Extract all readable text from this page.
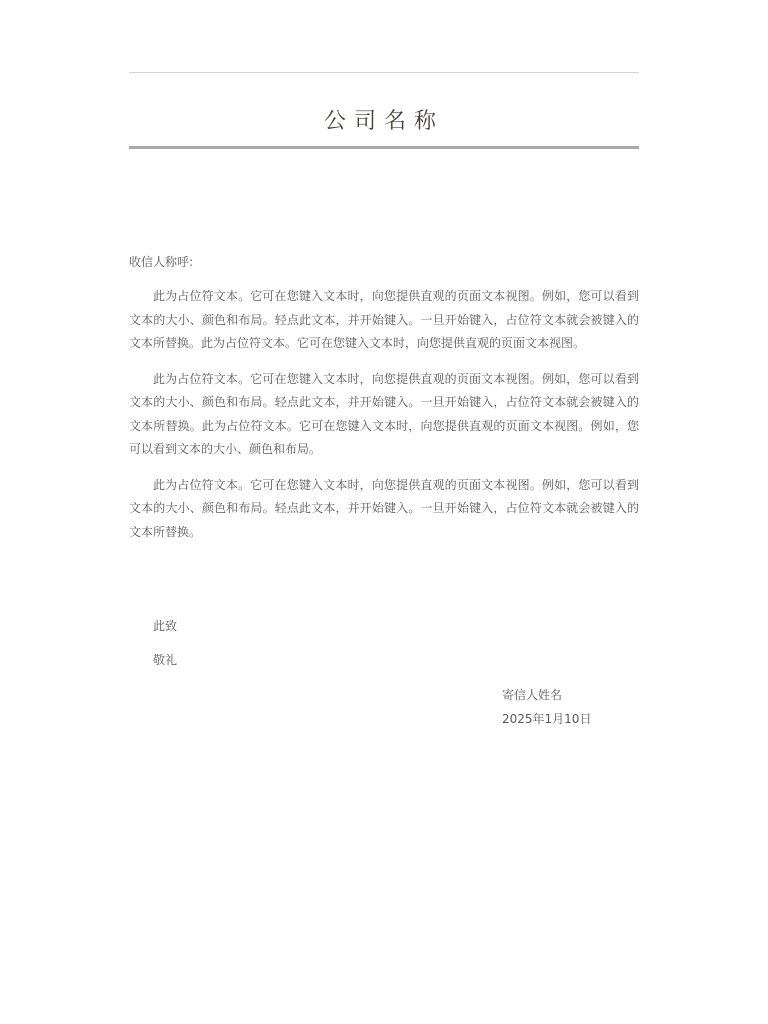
公司名称
收信人称呼:

此为占位符文本。它可在您键入文本时，向您提供直观的页面文本视图。例如，您可以看到文本的大小、颜色和布局。轻点此文本，并开始键入。一旦开始键入，占位符文本就会被键入的文本所替换。此为占位符文本。它可在您键入文本时，向您提供直观的页面文本视图。

此为占位符文本。它可在您键入文本时，向您提供直观的页面文本视图。例如，您可以看到文本的大小、颜色和布局。轻点此文本，并开始键入。一旦开始键入，占位符文本就会被键入的文本所替换。此为占位符文本。它可在您键入文本时，向您提供直观的页面文本视图。例如，您可以看到文本的大小、颜色和布局。

此为占位符文本。它可在您键入文本时，向您提供直观的页面文本视图。例如，您可以看到文本的大小、颜色和布局。轻点此文本，并开始键入。一旦开始键入，占位符文本就会被键入的文本所替换。

此致
敬礼
寄信人姓名
2025年1月10日
